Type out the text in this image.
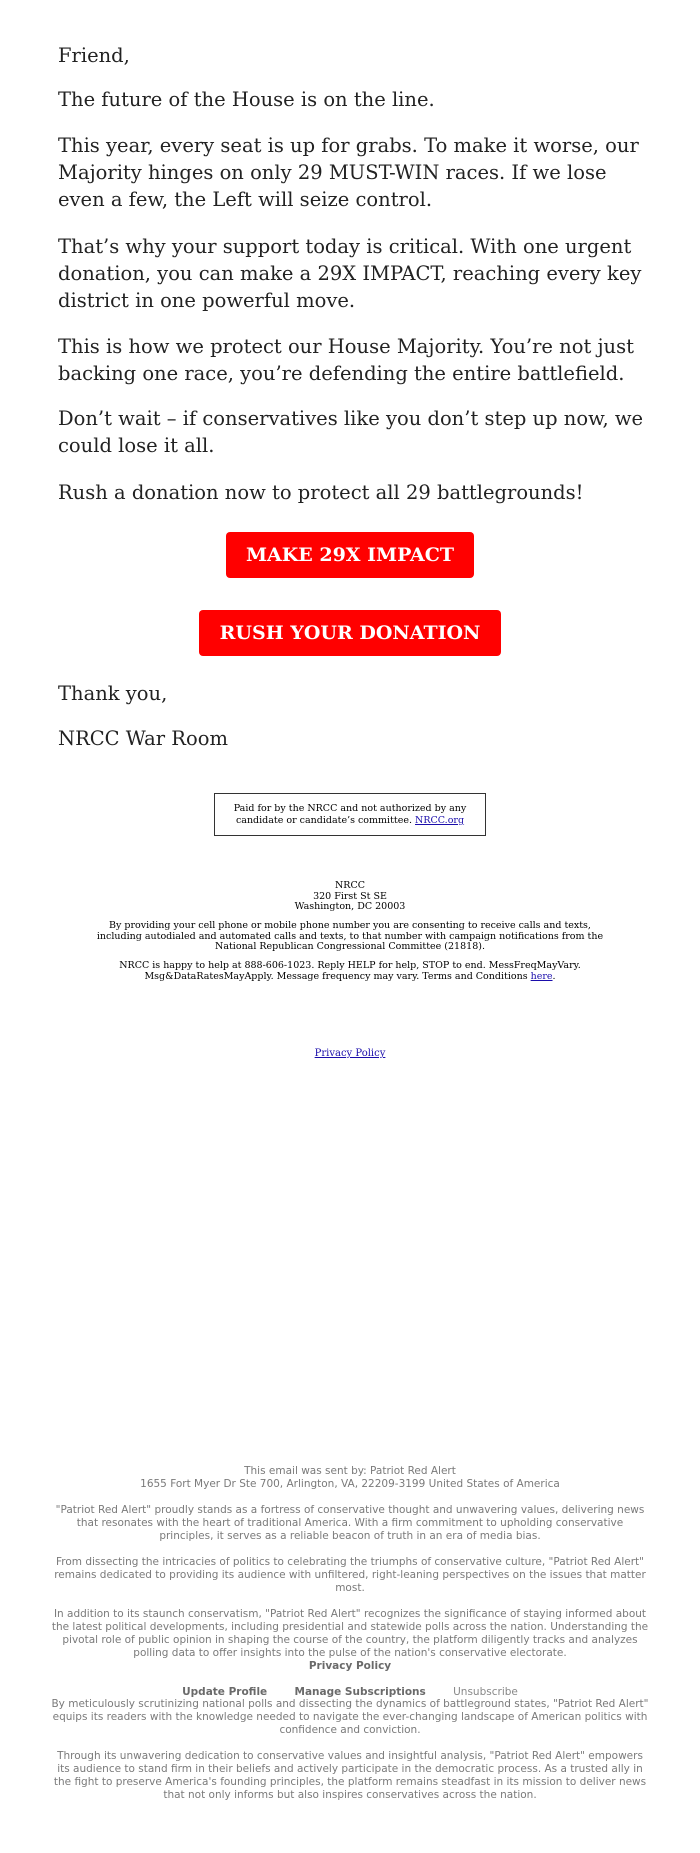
Friend,

The future of the House is on the line.

This year, every seat is up for grabs. To make it worse, our Majority hinges on only 29 MUST-WIN races. If we lose even a few, the Left will seize control.

That’s why your support today is critical. With one urgent donation, you can make a 29X IMPACT, reaching every key district in one powerful move.

This is how we protect our House Majority. You’re not just backing one race, you’re defending the entire battlefield.

Don’t wait – if conservatives like you don’t step up now, we could lose it all.

Rush a donation now to protect all 29 battlegrounds!

Thank you,

NRCC War Room

MAKE 29X IMPACT
RUSH YOUR DONATION
Paid for by the NRCC and not authorized by any candidate or candidate’s committee. NRCC.org
NRCC
320 First St SE
Washington, DC 20003
By providing your cell phone or mobile phone number you are consenting to receive calls and texts, including autodialed and automated calls and texts, to that number with campaign notifications from the National Republican Congressional Committee (21818).
NRCC is happy to help at 888-606-1023. Reply HELP for help, STOP to end. MessFreqMayVary. Msg&DataRatesMayApply. Message frequency may vary. Terms and Conditions here.
Privacy Policy
This email was sent by: Patriot Red Alert
1655 Fort Myer Dr Ste 700, Arlington, VA, 22209-3199 United States of America
"Patriot Red Alert" proudly stands as a fortress of conservative thought and unwavering values, delivering news that resonates with the heart of traditional America. With a firm commitment to upholding conservative principles, it serves as a reliable beacon of truth in an era of media bias.
From dissecting the intricacies of politics to celebrating the triumphs of conservative culture, "Patriot Red Alert" remains dedicated to providing its audience with unfiltered, right-leaning perspectives on the issues that matter most.
In addition to its staunch conservatism, "Patriot Red Alert" recognizes the significance of staying informed about the latest political developments, including presidential and statewide polls across the nation. Understanding the pivotal role of public opinion in shaping the course of the country, the platform diligently tracks and analyzes polling data to offer insights into the pulse of the nation's conservative electorate.
Privacy Policy
Update Profile	Manage Subscriptions	Unsubscribe
By meticulously scrutinizing national polls and dissecting the dynamics of battleground states, "Patriot Red Alert" equips its readers with the knowledge needed to navigate the ever-changing landscape of American politics with confidence and conviction.
Through its unwavering dedication to conservative values and insightful analysis, "Patriot Red Alert" empowers its audience to stand firm in their beliefs and actively participate in the democratic process. As a trusted ally in the fight to preserve America's founding principles, the platform remains steadfast in its mission to deliver news that not only informs but also inspires conservatives across the nation.
